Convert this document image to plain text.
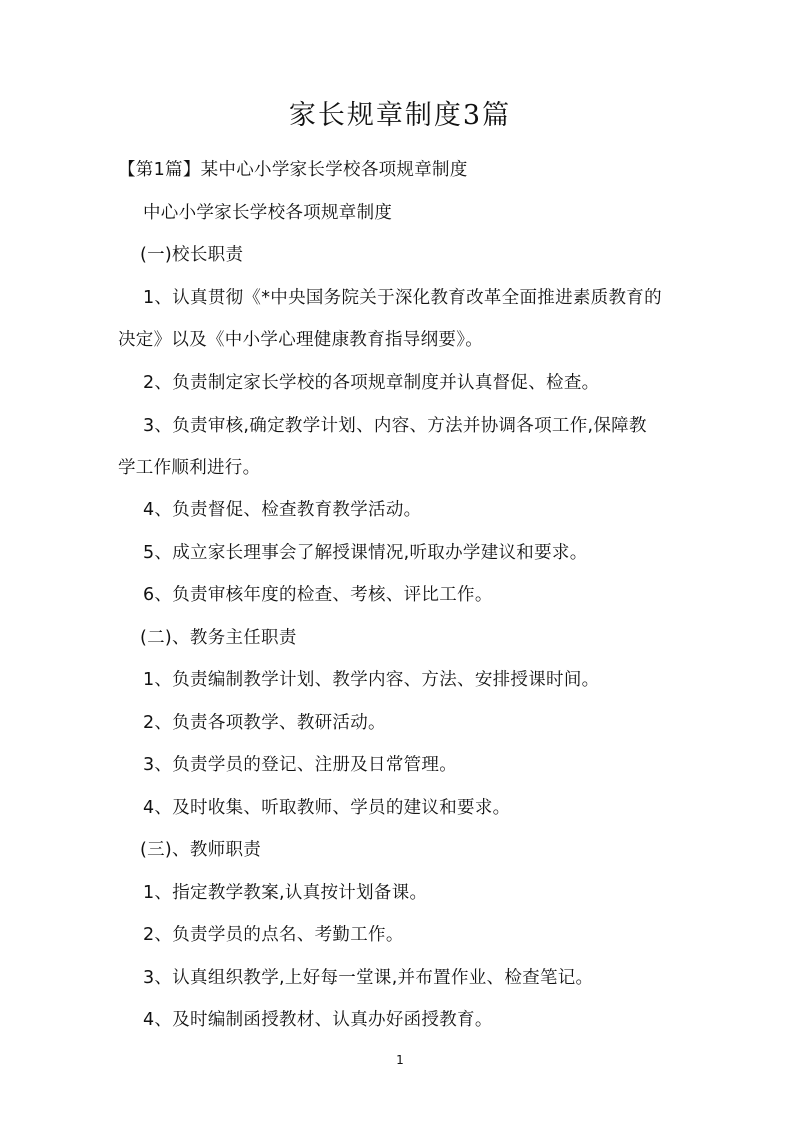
家长规章制度3篇
【第1篇】某中心小学家长学校各项规章制度
中心小学家长学校各项规章制度
(一)校长职责
1、认真贯彻《*中央国务院关于深化教育改革全面推进素质教育的
决定》以及《中小学心理健康教育指导纲要》。
2、负责制定家长学校的各项规章制度并认真督促、检查。
3、负责审核,确定教学计划、内容、方法并协调各项工作,保障教
学工作顺利进行。
4、负责督促、检查教育教学活动。
5、成立家长理事会了解授课情况,听取办学建议和要求。
6、负责审核年度的检查、考核、评比工作。
(二)、教务主任职责
1、负责编制教学计划、教学内容、方法、安排授课时间。
2、负责各项教学、教研活动。
3、负责学员的登记、注册及日常管理。
4、及时收集、听取教师、学员的建议和要求。
(三)、教师职责
1、指定教学教案,认真按计划备课。
2、负责学员的点名、考勤工作。
3、认真组织教学,上好每一堂课,并布置作业、检查笔记。
4、及时编制函授教材、认真办好函授教育。
1
